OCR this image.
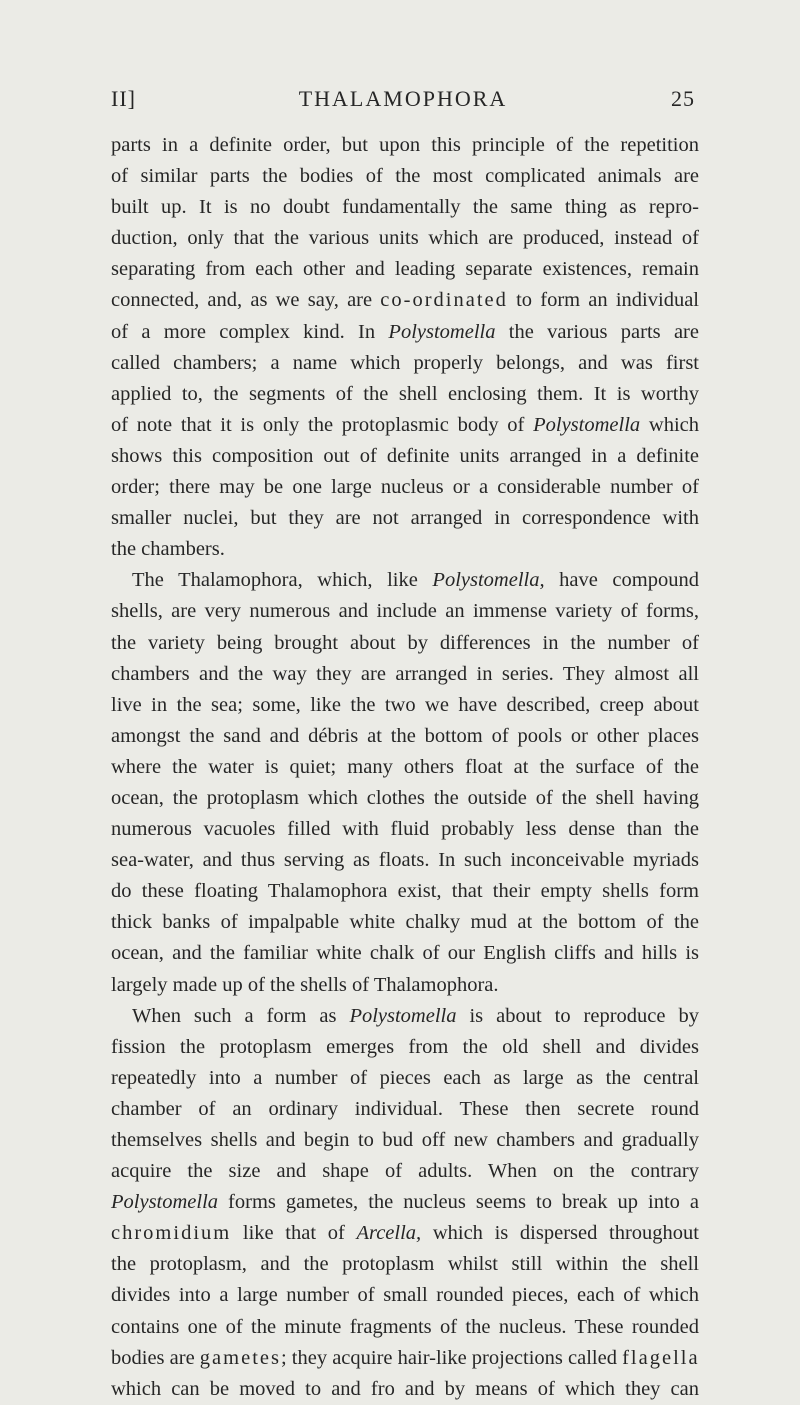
II]	THALAMOPHORA	25
parts in a definite order, but upon this principle of the repetition
of similar parts the bodies of the most complicated animals are
built up. It is no doubt fundamentally the same thing as repro-
duction, only that the various units which are produced, instead of
separating from each other and leading separate existences, remain
connected, and, as we say, are co-ordinated to form an individual
of a more complex kind. In Polystomella the various parts are
called chambers; a name which properly belongs, and was first
applied to, the segments of the shell enclosing them. It is worthy
of note that it is only the protoplasmic body of Polystomella which
shows this composition out of definite units arranged in a definite
order; there may be one large nucleus or a considerable number of
smaller nuclei, but they are not arranged in correspondence with
the chambers.
The Thalamophora, which, like Polystomella, have compound
shells, are very numerous and include an immense variety of forms,
the variety being brought about by differences in the number of
chambers and the way they are arranged in series. They almost all
live in the sea; some, like the two we have described, creep about
amongst the sand and débris at the bottom of pools or other places
where the water is quiet; many others float at the surface of the
ocean, the protoplasm which clothes the outside of the shell having
numerous vacuoles filled with fluid probably less dense than the
sea-water, and thus serving as floats. In such inconceivable myriads
do these floating Thalamophora exist, that their empty shells form
thick banks of impalpable white chalky mud at the bottom of the
ocean, and the familiar white chalk of our English cliffs and hills is
largely made up of the shells of Thalamophora.
When such a form as Polystomella is about to reproduce by
fission the protoplasm emerges from the old shell and divides
repeatedly into a number of pieces each as large as the central
chamber of an ordinary individual. These then secrete round
themselves shells and begin to bud off new chambers and gradually
acquire the size and shape of adults. When on the contrary
Polystomella forms gametes, the nucleus seems to break up into a
chromidium like that of Arcella, which is dispersed throughout
the protoplasm, and the protoplasm whilst still within the shell
divides into a large number of small rounded pieces, each of which
contains one of the minute fragments of the nucleus. These rounded
bodies are gametes; they acquire hair-like projections called flagella
which can be moved to and fro and by means of which they can
